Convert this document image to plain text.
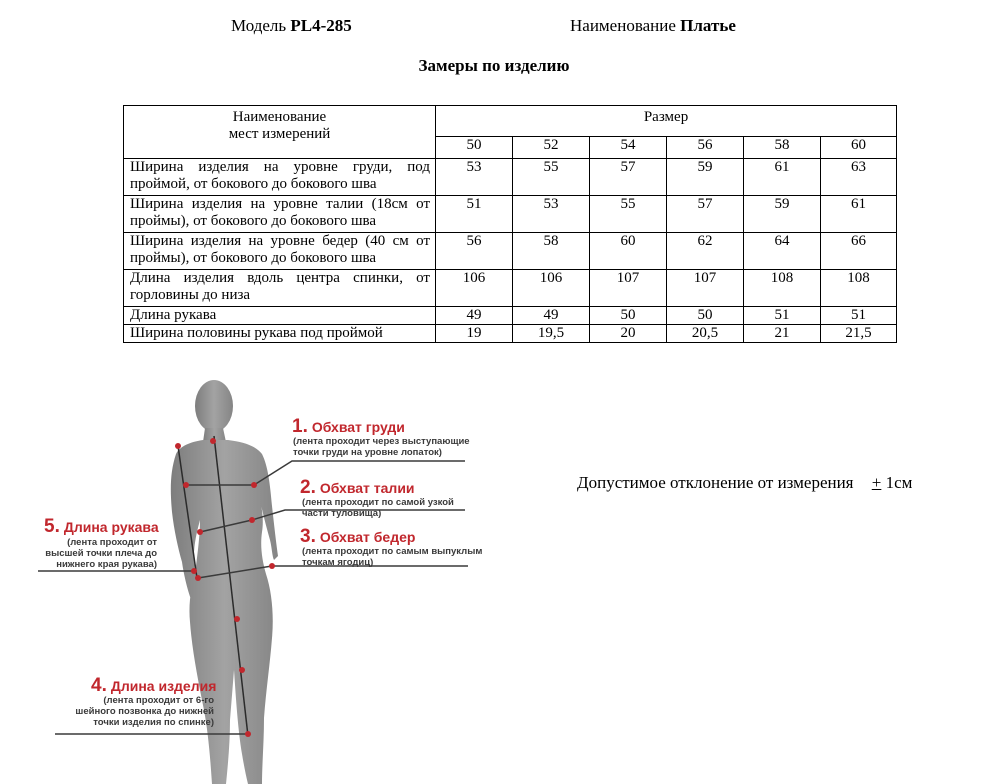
Модель PL4-285	Наименование Платье
Замеры по изделию
Наименование
мест измерений	Размер					
	50	52	54	56	58	60
Ширина изделия на уровне груди, под проймой, от бокового до бокового шва	53	55	57	59	61	63
Ширина изделия на уровне талии (18см от проймы), от бокового до бокового шва	51	53	55	57	59	61
Ширина изделия на уровне бедер (40 см от проймы), от бокового до бокового шва	56	58	60	62	64	66
Длина изделия вдоль центра спинки, от горловины до низа	106	106	107	107	108	108
Длина рукава	49	49	50	50	51	51
Ширина половины рукава под проймой	19	19,5	20	20,5	21	21,5
Допустимое отклонение от измерения + 1см
1. Обхват груди
(лента проходит через выступающие
точки груди на уровне лопаток)
2. Обхват талии
(лента проходит по самой узкой
части туловища)
3. Обхват бедер
(лента проходит по самым выпуклым
точкам ягодиц)
5. Длина рукава
(лента проходит от
высшей точки плеча до
нижнего края рукава)
4. Длина изделия
(лента проходит от 6-го
шейного позвонка до нижней
точки изделия по спинке)
